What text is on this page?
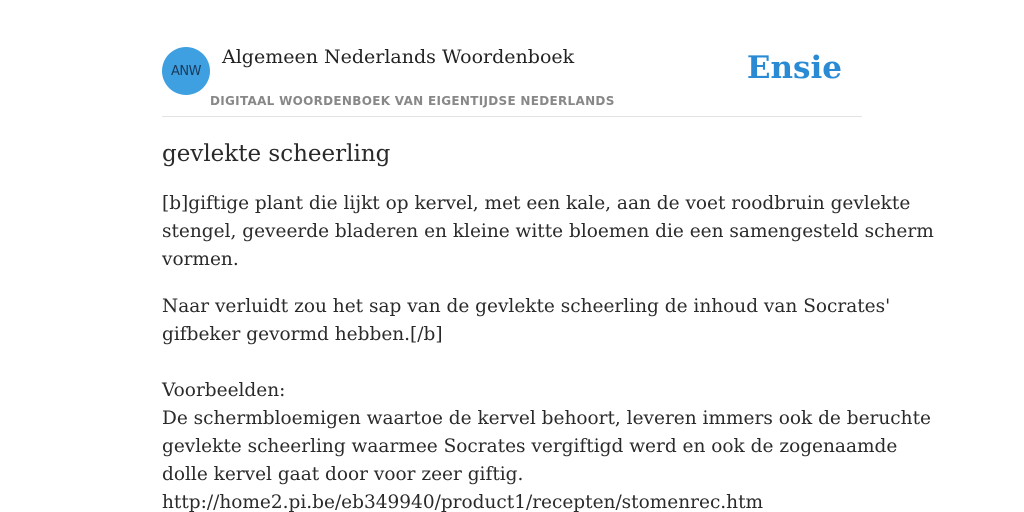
ANW
Algemeen Nederlands Woordenboek
DIGITAAL WOORDENBOEK VAN EIGENTIJDSE NEDERLANDS
Ensie
gevlekte scheerling
[b]giftige plant die lijkt op kervel, met een kale, aan de voet roodbruin gevlekte
stengel, geveerde bladeren en kleine witte bloemen die een samengesteld scherm
vormen.
Naar verluidt zou het sap van de gevlekte scheerling de inhoud van Socrates'
gifbeker gevormd hebben.[/b]
Voorbeelden:
De schermbloemigen waartoe de kervel behoort, leveren immers ook de beruchte
gevlekte scheerling waarmee Socrates vergiftigd werd en ook de zogenaamde
dolle kervel gaat door voor zeer giftig.
http://home2.pi.be/eb349940/product1/recepten/stomenrec.htm
